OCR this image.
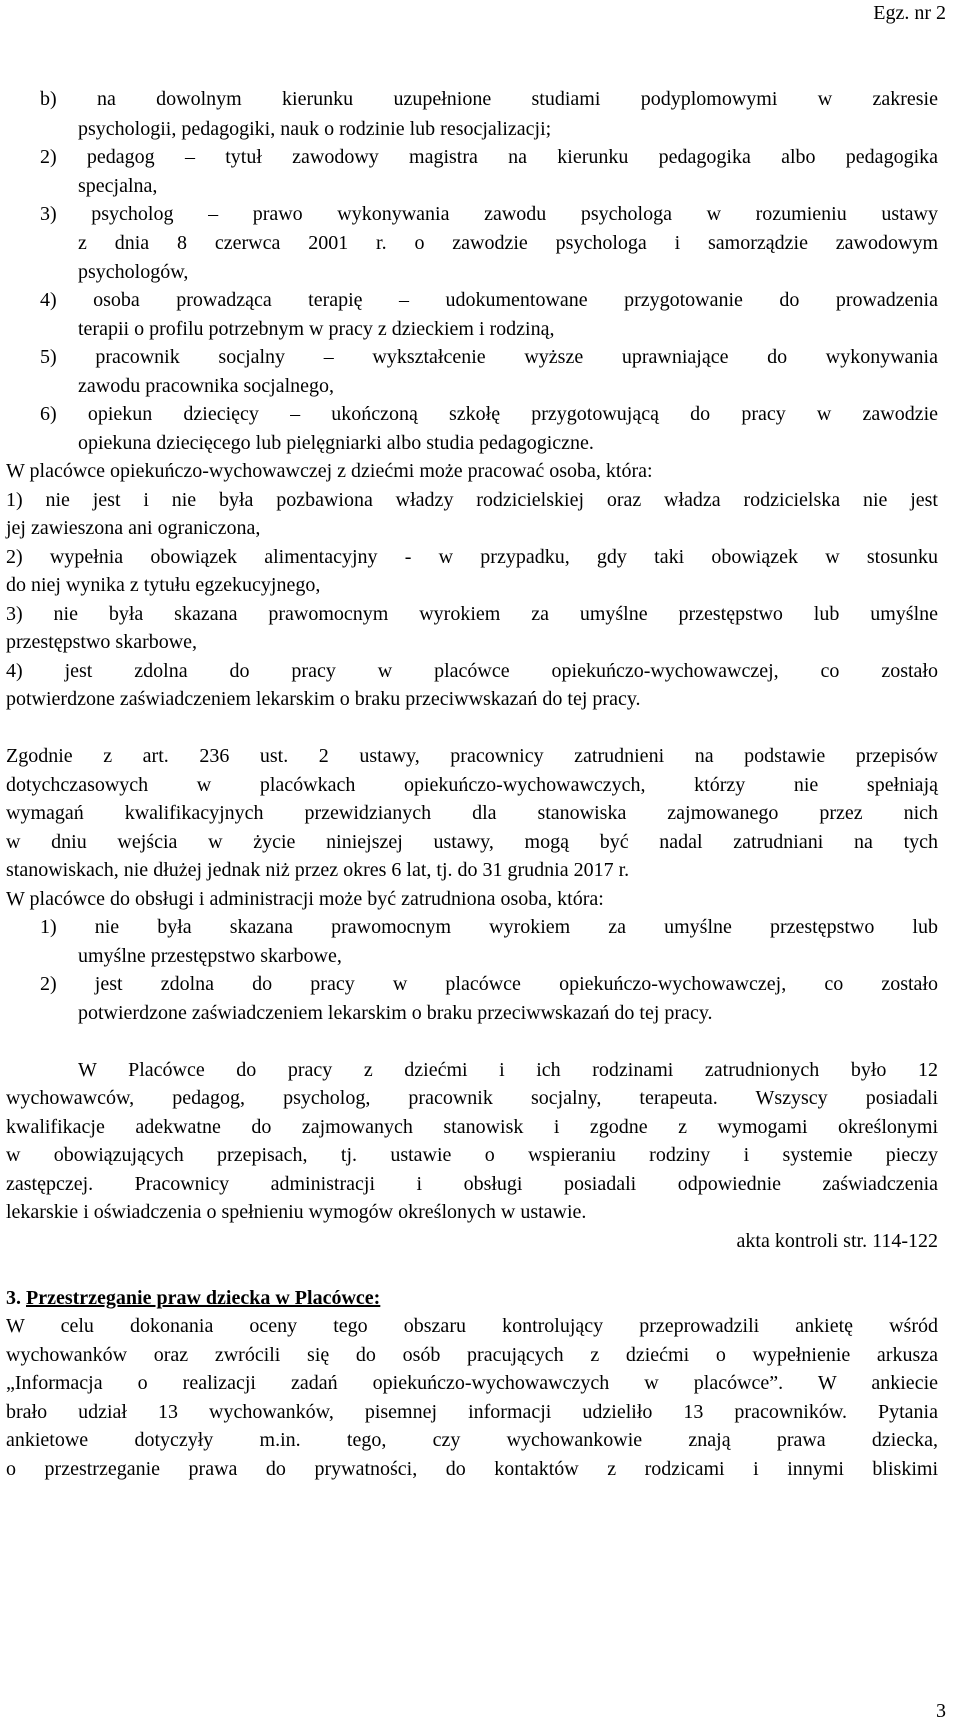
Egz. nr 2
b) na dowolnym kierunku uzupełnione studiami podyplomowymi w zakresie
psychologii, pedagogiki, nauk o rodzinie lub resocjalizacji;
2) pedagog – tytuł zawodowy magistra na kierunku pedagogika albo pedagogika
specjalna,
3) psycholog – prawo wykonywania zawodu psychologa w rozumieniu ustawy
z dnia 8 czerwca 2001 r. o zawodzie psychologa i samorządzie zawodowym
psychologów,
4) osoba prowadząca terapię – udokumentowane przygotowanie do prowadzenia
terapii o profilu potrzebnym w pracy z dzieckiem i rodziną,
5) pracownik socjalny – wykształcenie wyższe uprawniające do wykonywania
zawodu pracownika socjalnego,
6) opiekun dziecięcy – ukończoną szkołę przygotowującą do pracy w zawodzie
opiekuna dziecięcego lub pielęgniarki albo studia pedagogiczne.
W placówce opiekuńczo-wychowawczej z dziećmi może pracować osoba, która:
1) nie jest i nie była pozbawiona władzy rodzicielskiej oraz władza rodzicielska nie jest
jej zawieszona ani ograniczona,
2) wypełnia obowiązek alimentacyjny - w przypadku, gdy taki obowiązek w stosunku
do niej wynika z tytułu egzekucyjnego,
3) nie była skazana prawomocnym wyrokiem za umyślne przestępstwo lub umyślne
przestępstwo skarbowe,
4) jest zdolna do pracy w placówce opiekuńczo-wychowawczej, co zostało
potwierdzone zaświadczeniem lekarskim o braku przeciwwskazań do tej pracy.
Zgodnie z art. 236 ust. 2 ustawy, pracownicy zatrudnieni na podstawie przepisów
dotychczasowych w placówkach opiekuńczo-wychowawczych, którzy nie spełniają
wymagań kwalifikacyjnych przewidzianych dla stanowiska zajmowanego przez nich
w dniu wejścia w życie niniejszej ustawy, mogą być nadal zatrudniani na tych
stanowiskach, nie dłużej jednak niż przez okres 6 lat, tj. do 31 grudnia 2017 r.
W placówce do obsługi i administracji może być zatrudniona osoba, która:
1) nie była skazana prawomocnym wyrokiem za umyślne przestępstwo lub
umyślne przestępstwo skarbowe,
2) jest zdolna do pracy w placówce opiekuńczo-wychowawczej, co zostało
potwierdzone zaświadczeniem lekarskim o braku przeciwwskazań do tej pracy.
W Placówce do pracy z dziećmi i ich rodzinami zatrudnionych było 12
wychowawców, pedagog, psycholog, pracownik socjalny, terapeuta. Wszyscy posiadali
kwalifikacje adekwatne do zajmowanych stanowisk i zgodne z wymogami określonymi
w obowiązujących przepisach, tj. ustawie o wspieraniu rodziny i systemie pieczy
zastępczej. Pracownicy administracji i obsługi posiadali odpowiednie zaświadczenia
lekarskie i oświadczenia o spełnieniu wymogów określonych w ustawie.
akta kontroli str. 114-122
3. Przestrzeganie praw dziecka w Placówce:
W celu dokonania oceny tego obszaru kontrolujący przeprowadzili ankietę wśród
wychowanków oraz zwrócili się do osób pracujących z dziećmi o wypełnienie arkusza
„Informacja o realizacji zadań opiekuńczo-wychowawczych w placówce”. W ankiecie
brało udział 13 wychowanków, pisemnej informacji udzieliło 13 pracowników. Pytania
ankietowe dotyczyły m.in. tego, czy wychowankowie znają prawa dziecka,
o przestrzeganie prawa do prywatności, do kontaktów z rodzicami i innymi bliskimi
3
